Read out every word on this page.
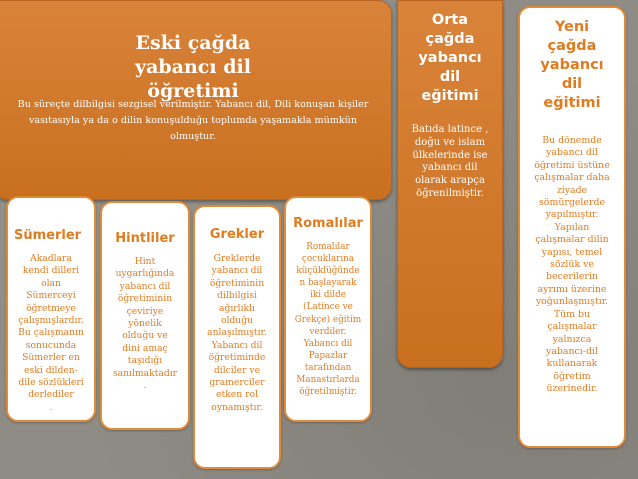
Eski çağda yabancı dil öğretimi
Bu süreçte dilbilgisi sezgisel verilmiştir. Yabancı dil, Dili konuşan kişiler vasıtasıyla ya da o dilin konuşulduğu toplumda yaşamakla mümkün olmuştur.
Sümerler
Akadlara
kendi dilleri
olan
Sümerceyi
öğretmeye
çalışmışlardır.
Bu çalışmanın
sonucunda
Sümerler en
eski dilden-
dile sözlükleri
derlediler
.
Hintliler
Hint
uygarlığında
yabancı dil
öğretiminin
çeviriye
yönelik
olduğu ve
dini amaç
taşıdığı
sanılmaktadır
.
Grekler
Greklerde
yabancı dil
öğretiminin
dilbilgisi
ağırlıklı
olduğu
anlaşılmıştır.
Yabancı dil
öğretiminde
dilciler ve
gramerciler
etken rol
oynamıştır.
Romalılar
Romalılar
çocuklarına
küçüklüğünde
n başlayarak
iki dilde
(Latince ve
Grekçe) eğitim
verdiler.
Yabancı dil
Papazlar
tarafından
Manastırlarda
öğretilmiştir.
Orta
çağda
yabancı
dil
eğitimi
Batıda latince ,
doğu ve islam
ülkelerinde ise
yabancı dil
olarak arapça
öğrenilmiştir.
Yeni
çağda
yabancı
dil
eğitimi
Bu dönemde
yabancı dil
öğretimi üstüne
çalışmalar daha
ziyade
sömürgelerde
yapılmıştır.
Yapılan
çalışmalar dilin
yapısı, temel
sözlük ve
becerilerin
ayrımı üzerine
yoğunlaşmıştır.
Tüm bu
çalışmalar
yalnızca
yabancı-dil
kullanarak
öğretim
üzerinedir.
